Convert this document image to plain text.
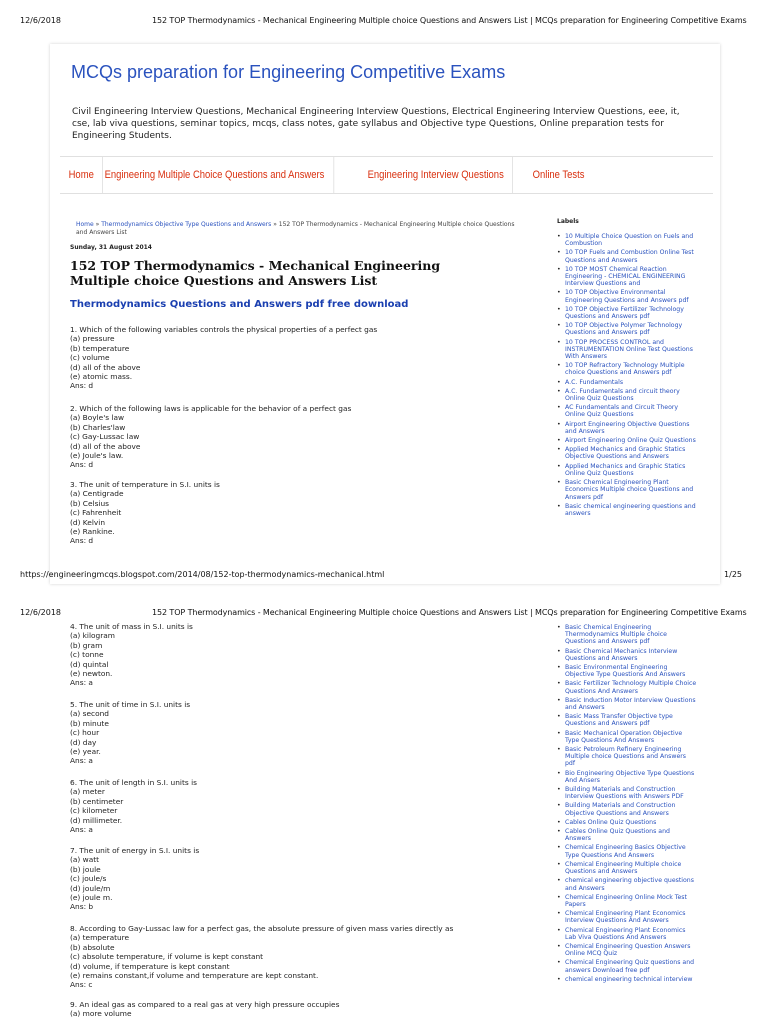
12/6/2018	152 TOP Thermodynamics - Mechanical Engineering Multiple choice Questions and Answers List | MCQs preparation for Engineering Competitive Exams
MCQs preparation for Engineering Competitive Exams
Civil Engineering Interview Questions, Mechanical Engineering Interview Questions, Electrical Engineering Interview Questions, eee, it, cse, lab viva questions, seminar topics, mcqs, class notes, gate syllabus and Objective type Questions, Online preparation tests for Engineering Students.
Home	Engineering Multiple Choice Questions and Answers	Engineering Interview Questions	Online Tests
Home » Thermodynamics Objective Type Questions and Answers » 152 TOP Thermodynamics - Mechanical Engineering Multiple choice Questions and Answers List
Sunday, 31 August 2014
152 TOP Thermodynamics - Mechanical Engineering Multiple choice Questions and Answers List
Thermodynamics Questions and Answers pdf free download
1. Which of the following variables controls the physical properties of a perfect gas
(a) pressure
(b) temperature
(c) volume
(d) all of the above
(e) atomic mass.
Ans: d
2. Which of the following laws is applicable for the behavior of a perfect gas
(a) Boyle's law
(b) Charles'law
(c) Gay-Lussac law
(d) all of the above
(e) Joule's law.
Ans: d
3. The unit of temperature in S.I. units is
(a) Centigrade
(b) Celsius
(c) Fahrenheit
(d) Kelvin
(e) Rankine.
Ans: d
Labels
• 10 Multiple Choice Question on Fuels and Combustion
• 10 TOP Fuels and Combustion Online Test Questions and Answers
• 10 TOP MOST Chemical Reaction Engineering - CHEMICAL ENGINEERING Interview Questions and
• 10 TOP Objective Environmental Engineering Questions and Answers pdf
• 10 TOP Objective Fertilizer Technology Questions and Answers pdf
• 10 TOP Objective Polymer Technology Questions and Answers pdf
• 10 TOP PROCESS CONTROL and INSTRUMENTATION Online Test Questions With Answers
• 10 TOP Refractory Technology Multiple choice Questions and Answers pdf
• A.C. Fundamentals
• A.C. Fundamentals and circuit theory Online Quiz Questions
• AC Fundamentals and Circuit Theory Online Quiz Questions
• Airport Engineering Objective Questions and Answers
• Airport Engineering Online Quiz Questions
• Applied Mechanics and Graphic Statics Objective Questions and Answers
• Applied Mechanics and Graphic Statics Online Quiz Questions
• Basic Chemical Engineering Plant Economics Multiple choice Questions and Answers pdf
• Basic chemical engineering questions and answers
https://engineeringmcqs.blogspot.com/2014/08/152-top-thermodynamics-mechanical.html	1/25
12/6/2018	152 TOP Thermodynamics - Mechanical Engineering Multiple choice Questions and Answers List | MCQs preparation for Engineering Competitive Exams
4. The unit of mass in S.I. units is
(a) kilogram
(b) gram
(c) tonne
(d) quintal
(e) newton.
Ans: a
5. The unit of time in S.I. units is
(a) second
(b) minute
(c) hour
(d) day
(e) year.
Ans: a
6. The unit of length in S.I. units is
(a) meter
(b) centimeter
(c) kilometer
(d) millimeter.
Ans: a
7. The unit of energy in S.I. units is
(a) watt
(b) joule
(c) joule/s
(d) joule/m
(e) joule m.
Ans: b
8. According to Gay-Lussac law for a perfect gas, the absolute pressure of given mass varies directly as
(a) temperature
(b) absolute
(c) absolute temperature, if volume is kept constant
(d) volume, if temperature is kept constant
(e) remains constant,if volume and temperature are kept constant.
Ans: c
9. An ideal gas as compared to a real gas at very high pressure occupies
(a) more volume
• Basic Chemical Engineering Thermodynamics Multiple choice Questions and Answers pdf
• Basic Chemical Mechanics Interview Questions and Answers
• Basic Environmental Engineering Objective Type Questions And Answers
• Basic Fertilizer Technology Multiple Choice Questions And Answers
• Basic Induction Motor Interview Questions and Answers
• Basic Mass Transfer Objective type Questions and Answers pdf
• Basic Mechanical Operation Objective Type Questions And Answers
• Basic Petroleum Refinery Engineering Multiple choice Questions and Answers pdf
• Bio Engineering Objective Type Questions And Ansers
• Building Materials and Construction Interview Questions with Answers PDF
• Building Materials and Construction Objective Questions and Answers
• Cables Online Quiz Questions
• Cables Online Quiz Questions and Answers
• Chemical Engineering Basics Objective Type Questions And Answers
• Chemical Engineering Multiple choice Questions and Answers
• chemical engineering objective questions and Answers
• Chemical Engineering Online Mock Test Papers
• Chemical Engineering Plant Economics Interview Questions And Answers
• Chemical Engineering Plant Economics Lab Viva Questions And Answers
• Chemical Engineering Question Answers Online MCQ Quiz
• Chemical Engineering Quiz questions and answers Download free pdf
• chemical engineering technical interview
